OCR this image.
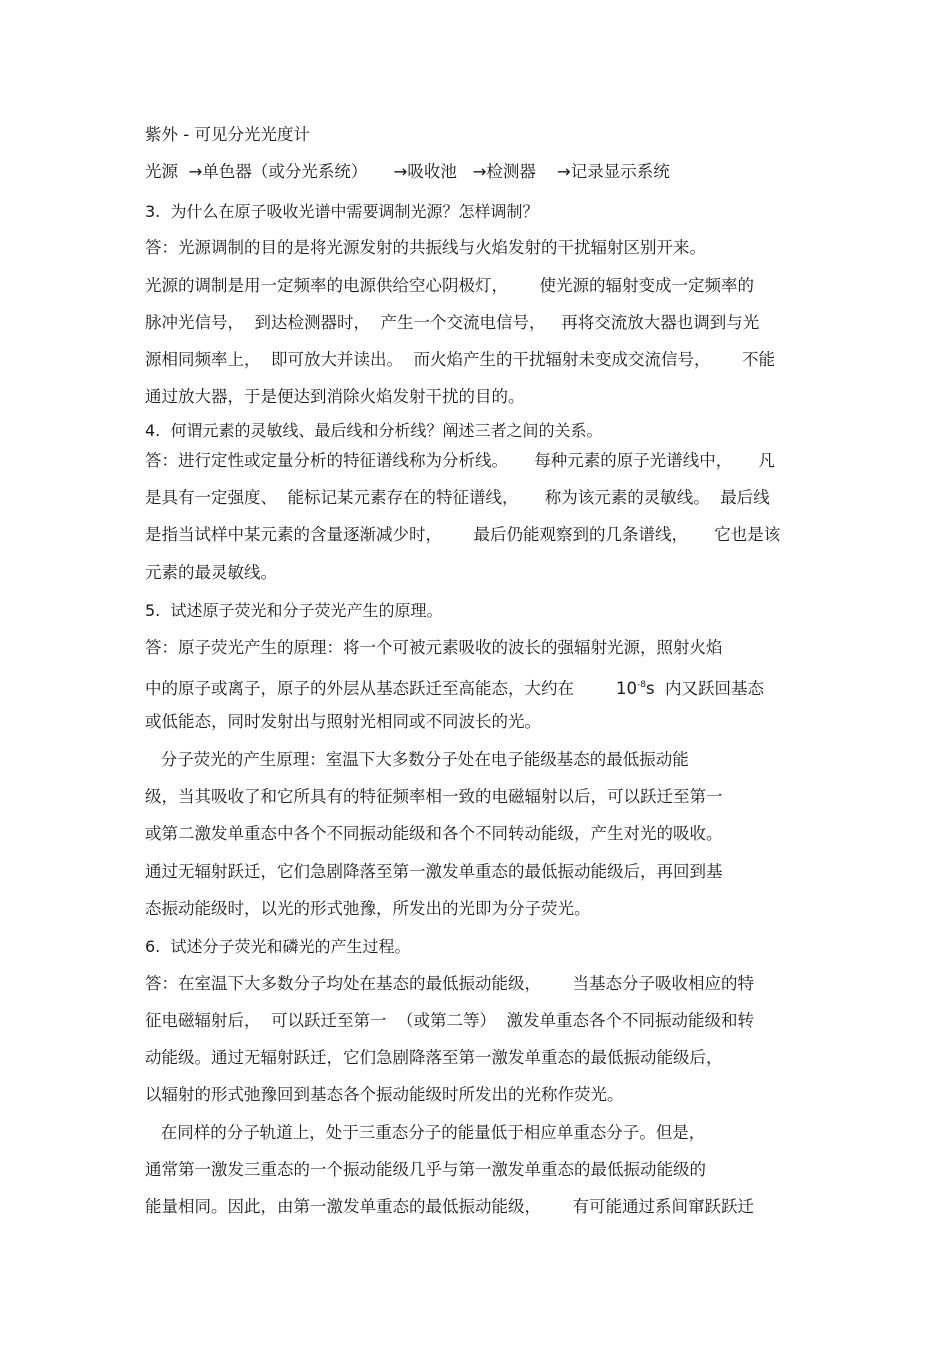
紫外 - 可见分光光度计
光源  →单色器（或分光系统）     →吸收池   →检测器    →记录显示系统
3.  为什么在原子吸收光谱中需要调制光源？怎样调制？
答：光源调制的目的是将光源发射的共振线与火焰发射的干扰辐射区别开来。
光源的调制是用一定频率的电源供给空心阴极灯，      使光源的辐射变成一定频率的
脉冲光信号，  到达检测器时，  产生一个交流电信号，   再将交流放大器也调到与光
源相同频率上，  即可放大并读出。  而火焰产生的干扰辐射未变成交流信号，      不能
通过放大器，于是便达到消除火焰发射干扰的目的。
4.  何谓元素的灵敏线、最后线和分析线？阐述三者之间的关系。
答：进行定性或定量分析的特征谱线称为分析线。     每种元素的原子光谱线中，     凡
是具有一定强度、  能标记某元素存在的特征谱线，     称为该元素的灵敏线。  最后线
是指当试样中某元素的含量逐渐减少时，      最后仍能观察到的几条谱线，     它也是该
元素的最灵敏线。
5.  试述原子荧光和分子荧光产生的原理。
答：原子荧光产生的原理：将一个可被元素吸收的波长的强辐射光源，照射火焰
中的原子或离子，原子的外层从基态跃迁至高能态，大约在        $10^{-8}s$  内又跃回基态
或低能态，同时发射出与照射光相同或不同波长的光。
分子荧光的产生原理：室温下大多数分子处在电子能级基态的最低振动能
级，当其吸收了和它所具有的特征频率相一致的电磁辐射以后，可以跃迁至第一
或第二激发单重态中各个不同振动能级和各个不同转动能级，产生对光的吸收。
通过无辐射跃迁，它们急剧降落至第一激发单重态的最低振动能级后，再回到基
态振动能级时，以光的形式弛豫，所发出的光即为分子荧光。
6.  试述分子荧光和磷光的产生过程。
答：在室温下大多数分子均处在基态的最低振动能级，      当基态分子吸收相应的特
征电磁辐射后，  可以跃迁至第一  （或第二等）  激发单重态各个不同振动能级和转
动能级。通过无辐射跃迁，它们急剧降落至第一激发单重态的最低振动能级后，
以辐射的形式弛豫回到基态各个振动能级时所发出的光称作荧光。
在同样的分子轨道上，处于三重态分子的能量低于相应单重态分子。但是，
通常第一激发三重态的一个振动能级几乎与第一激发单重态的最低振动能级的
能量相同。因此，由第一激发单重态的最低振动能级，      有可能通过系间窜跃跃迁
